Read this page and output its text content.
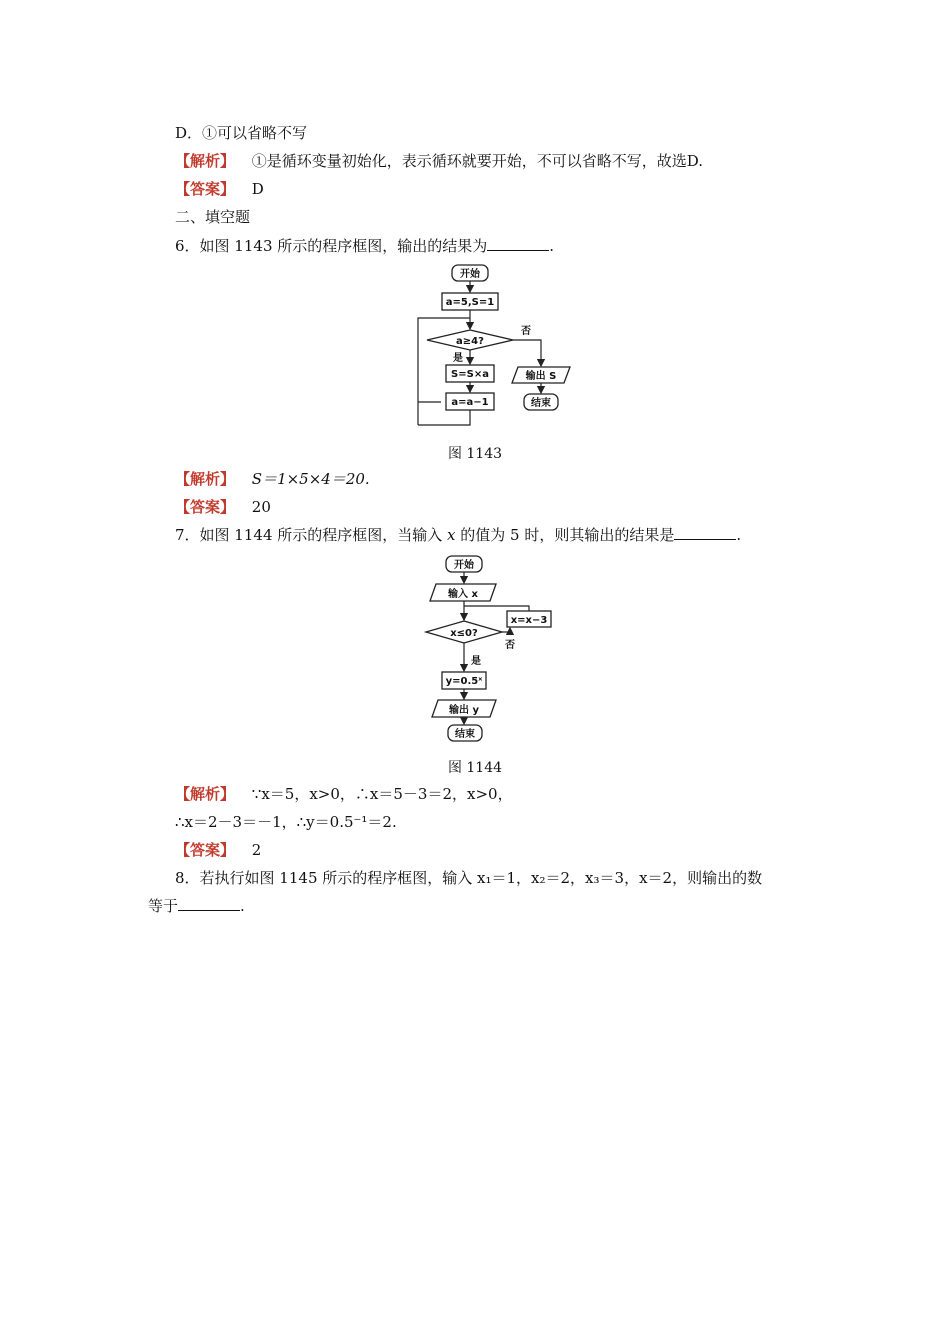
D．①可以省略不写
【解析】 ①是循环变量初始化，表示循环就要开始，不可以省略不写，故选D.
【答案】 D
二、填空题
6．如图 1143 所示的程序框图，输出的结果为	.
开始
a=5,S=1
a≥4?
否
是
S=S×a
a=a−1
输出 S
结束
图 1143
【解析】 S＝1×5×4＝20.
【答案】 20
7．如图 1144 所示的程序框图，当输入 x 的值为 5 时，则其输出的结果是	.
开始
输入 x
x=x−3
x≤0?
否
是
y=0.5ˣ
输出 y
结束
图 1144
【解析】 ∵x＝5，x>0，∴x＝5－3＝2，x>0，
∴x＝2－3＝－1，∴y＝0.5⁻¹＝2.
【答案】 2
8．若执行如图 1145 所示的程序框图，输入 x₁＝1，x₂＝2，x₃＝3，x＝2，则输出的数
等于	.
